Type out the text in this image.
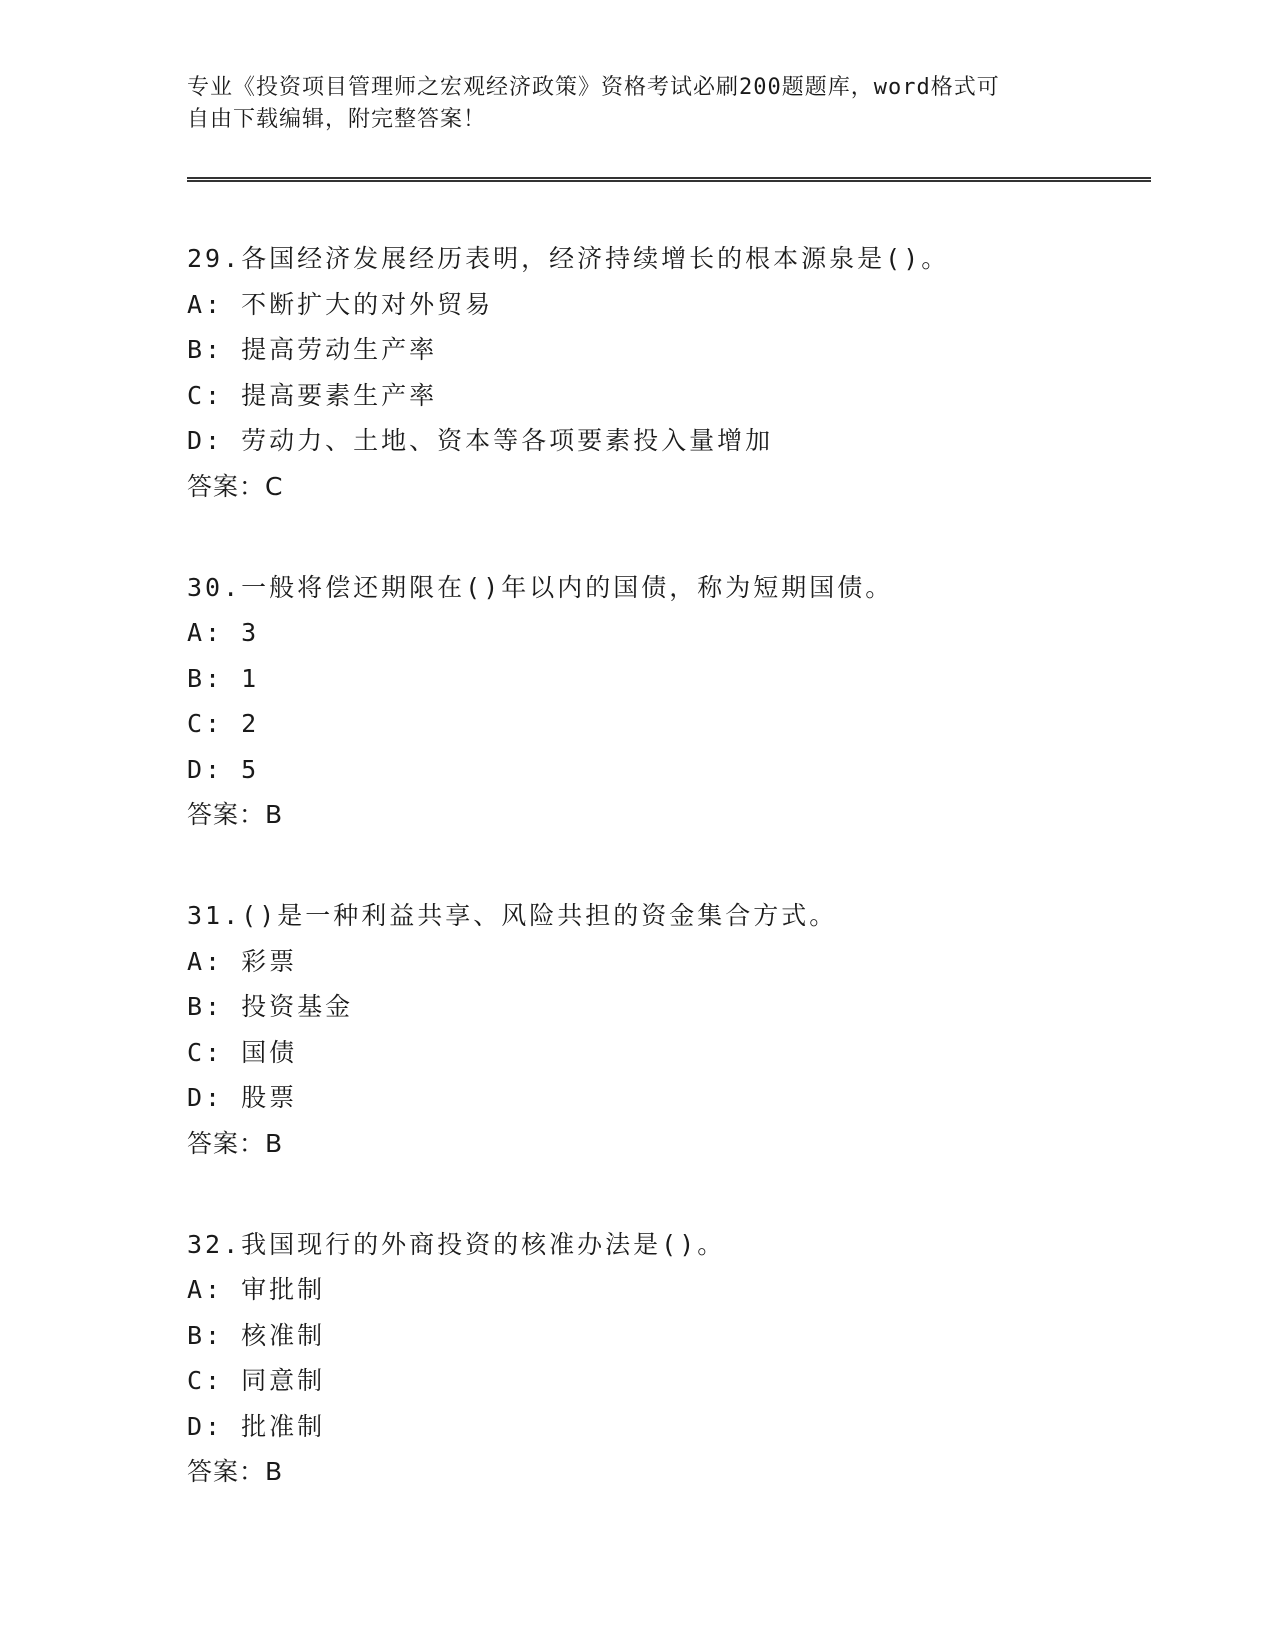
专业《投资项目管理师之宏观经济政策》资格考试必刷200题题库，word格式可
自由下载编辑，附完整答案！
29.各国经济发展经历表明，经济持续增长的根本源泉是()。
A: 不断扩大的对外贸易
B: 提高劳动生产率
C: 提高要素生产率
D: 劳动力、土地、资本等各项要素投入量增加
答案：C
30.一般将偿还期限在()年以内的国债，称为短期国债。
A: 3
B: 1
C: 2
D: 5
答案：B
31.()是一种利益共享、风险共担的资金集合方式。
A: 彩票
B: 投资基金
C: 国债
D: 股票
答案：B
32.我国现行的外商投资的核准办法是()。
A: 审批制
B: 核准制
C: 同意制
D: 批准制
答案：B
